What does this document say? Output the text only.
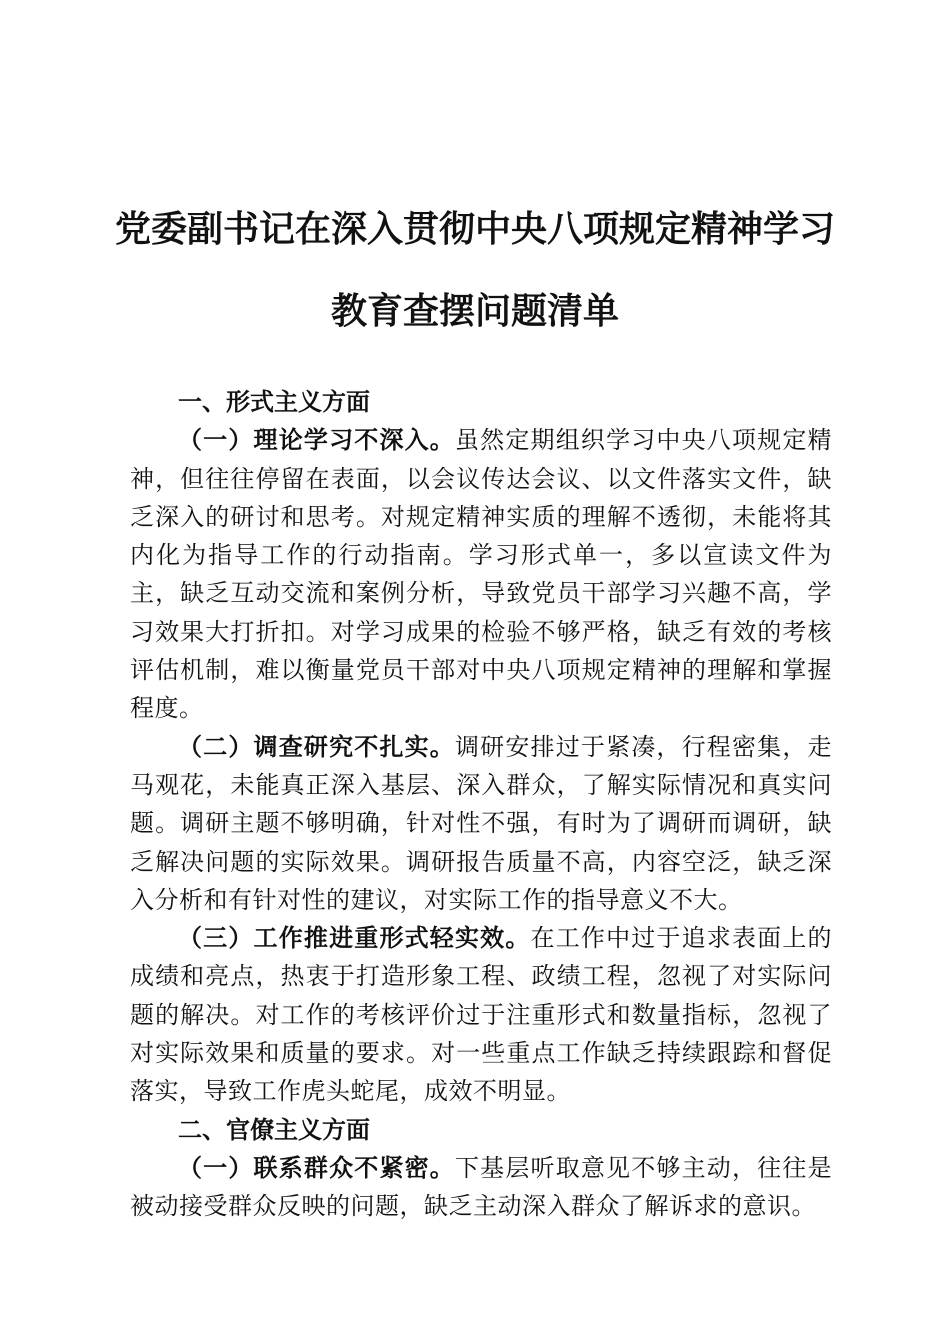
党委副书记在深入贯彻中央八项规定精神学习
教育查摆问题清单

一、形式主义方面

（一）理论学习不深入。虽然定期组织学习中央八项规定精神，但往往停留在表面，以会议传达会议、以文件落实文件，缺乏深入的研讨和思考。对规定精神实质的理解不透彻，未能将其内化为指导工作的行动指南。学习形式单一，多以宣读文件为主，缺乏互动交流和案例分析，导致党员干部学习兴趣不高，学习效果大打折扣。对学习成果的检验不够严格，缺乏有效的考核评估机制，难以衡量党员干部对中央八项规定精神的理解和掌握程度。

（二）调查研究不扎实。调研安排过于紧凑，行程密集，走马观花，未能真正深入基层、深入群众，了解实际情况和真实问题。调研主题不够明确，针对性不强，有时为了调研而调研，缺乏解决问题的实际效果。调研报告质量不高，内容空泛，缺乏深入分析和有针对性的建议，对实际工作的指导意义不大。

（三）工作推进重形式轻实效。在工作中过于追求表面上的成绩和亮点，热衷于打造形象工程、政绩工程，忽视了对实际问题的解决。对工作的考核评价过于注重形式和数量指标，忽视了对实际效果和质量的要求。对一些重点工作缺乏持续跟踪和督促落实，导致工作虎头蛇尾，成效不明显。

二、官僚主义方面

（一）联系群众不紧密。下基层听取意见不够主动，往往是被动接受群众反映的问题，缺乏主动深入群众了解诉求的意识。
